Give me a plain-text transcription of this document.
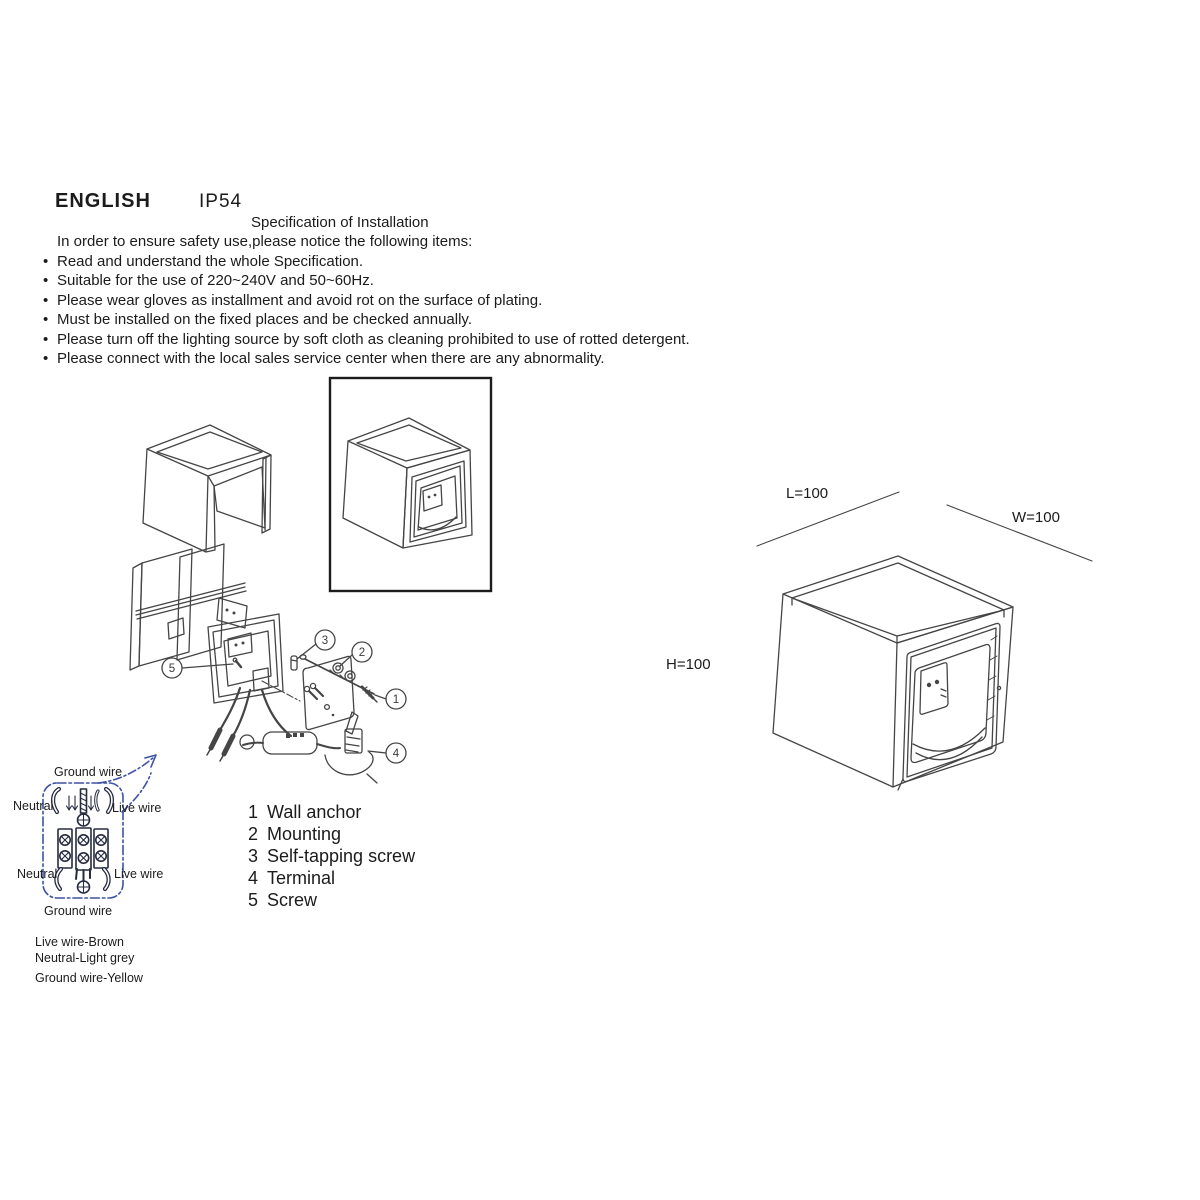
5
3
2
1
4
ENGLISH	IP54
Specification of Installation
In order to ensure safety use,please notice the following items:
• Read and understand the whole Specification.
• Suitable for the use of 220~240V and 50~60Hz.
• Please wear gloves as installment and avoid rot on the surface of plating.
• Must be installed on the fixed places and be checked annually.
• Please turn off the lighting source by soft cloth as cleaning prohibited to use of rotted detergent.
• Please connect with the local sales service center when there are any abnormality.
1 Wall anchor
2 Mounting
3 Self-tapping screw
4 Terminal
5 Screw
L=100
W=100
H=100
Ground wire
Neutral	Live wire
Neutral	Live wire
Ground wire
Live wire-Brown
Neutral-Light grey
Ground wire-Yellow
